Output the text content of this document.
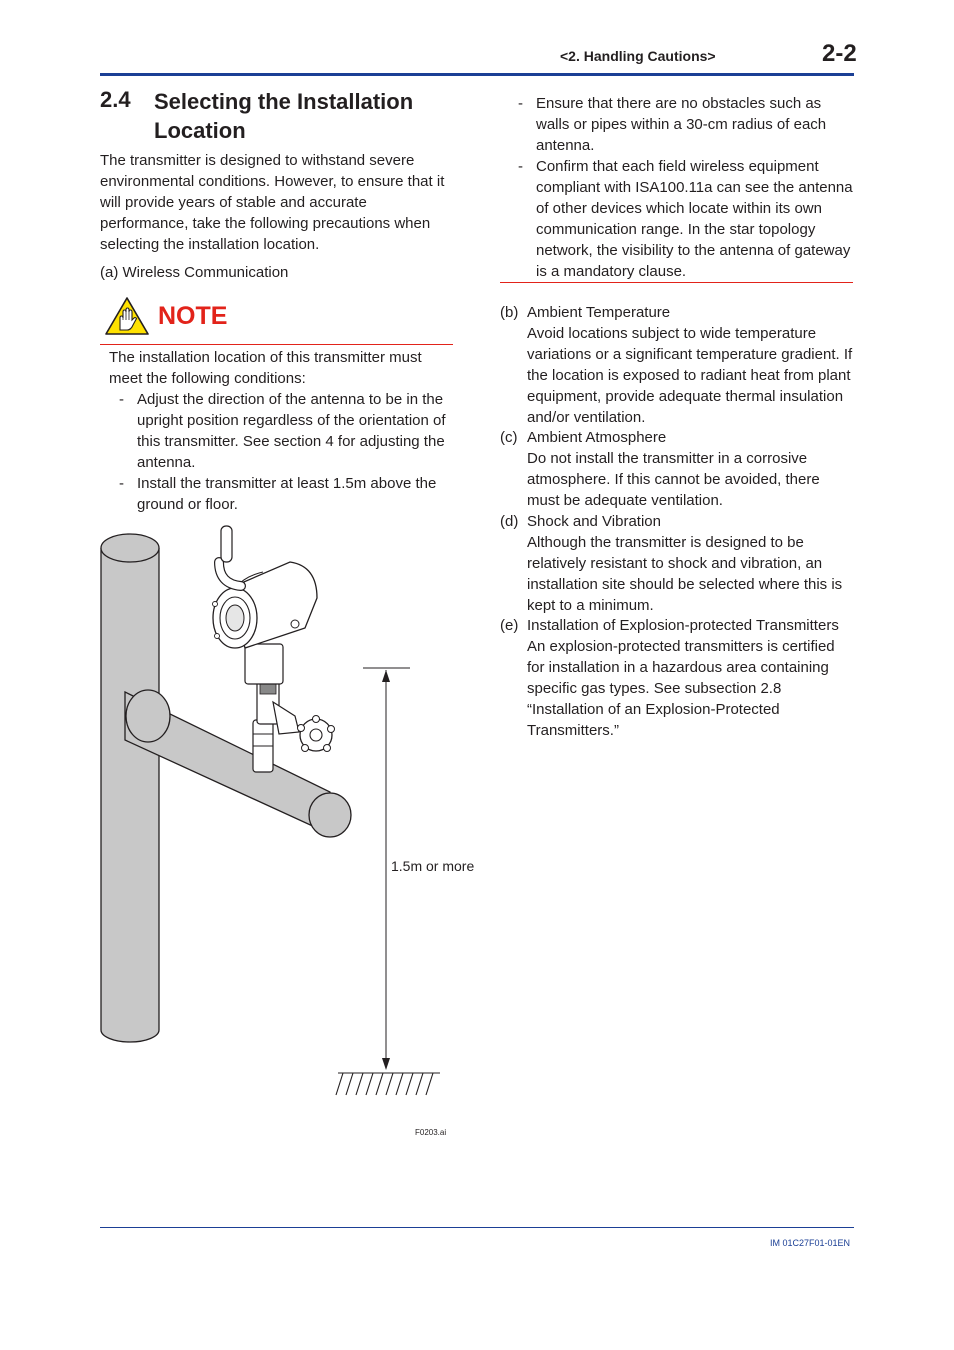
<2. Handling Cautions>	2-2
2.4 Selecting the Installation Location
The transmitter is designed to withstand severe environmental conditions. However, to ensure that it will provide years of stable and accurate performance, take the following precautions when selecting the installation location.
(a) Wireless Communication
NOTE
The installation location of this transmitter must meet the following conditions:
- Adjust the direction of the antenna to be in the upright position regardless of the orientation of this transmitter. See section 4 for adjusting the antenna.
- Install the transmitter at least 1.5m above the ground or floor.
- Ensure that there are no obstacles such as walls or pipes within a 30-cm radius of each antenna.
- Confirm that each field wireless equipment compliant with ISA100.11a can see the antenna of other devices which locate within its own communication range. In the star topology network, the visibility to the antenna of gateway is a mandatory clause.
1.5m or more
F0203.ai
(b) Ambient Temperature
Avoid locations subject to wide temperature variations or a significant temperature gradient. If the location is exposed to radiant heat from plant equipment, provide adequate thermal insulation and/or ventilation.
(c) Ambient Atmosphere
Do not install the transmitter in a corrosive atmosphere. If this cannot be avoided, there must be adequate ventilation.
(d) Shock and Vibration
Although the transmitter is designed to be relatively resistant to shock and vibration, an installation site should be selected where this is kept to a minimum.
(e) Installation of Explosion-protected Transmitters
An explosion-protected transmitters is certified for installation in a hazardous area containing specific gas types. See subsection 2.8 “Installation of an Explosion-Protected Transmitters.”
IM 01C27F01-01EN
